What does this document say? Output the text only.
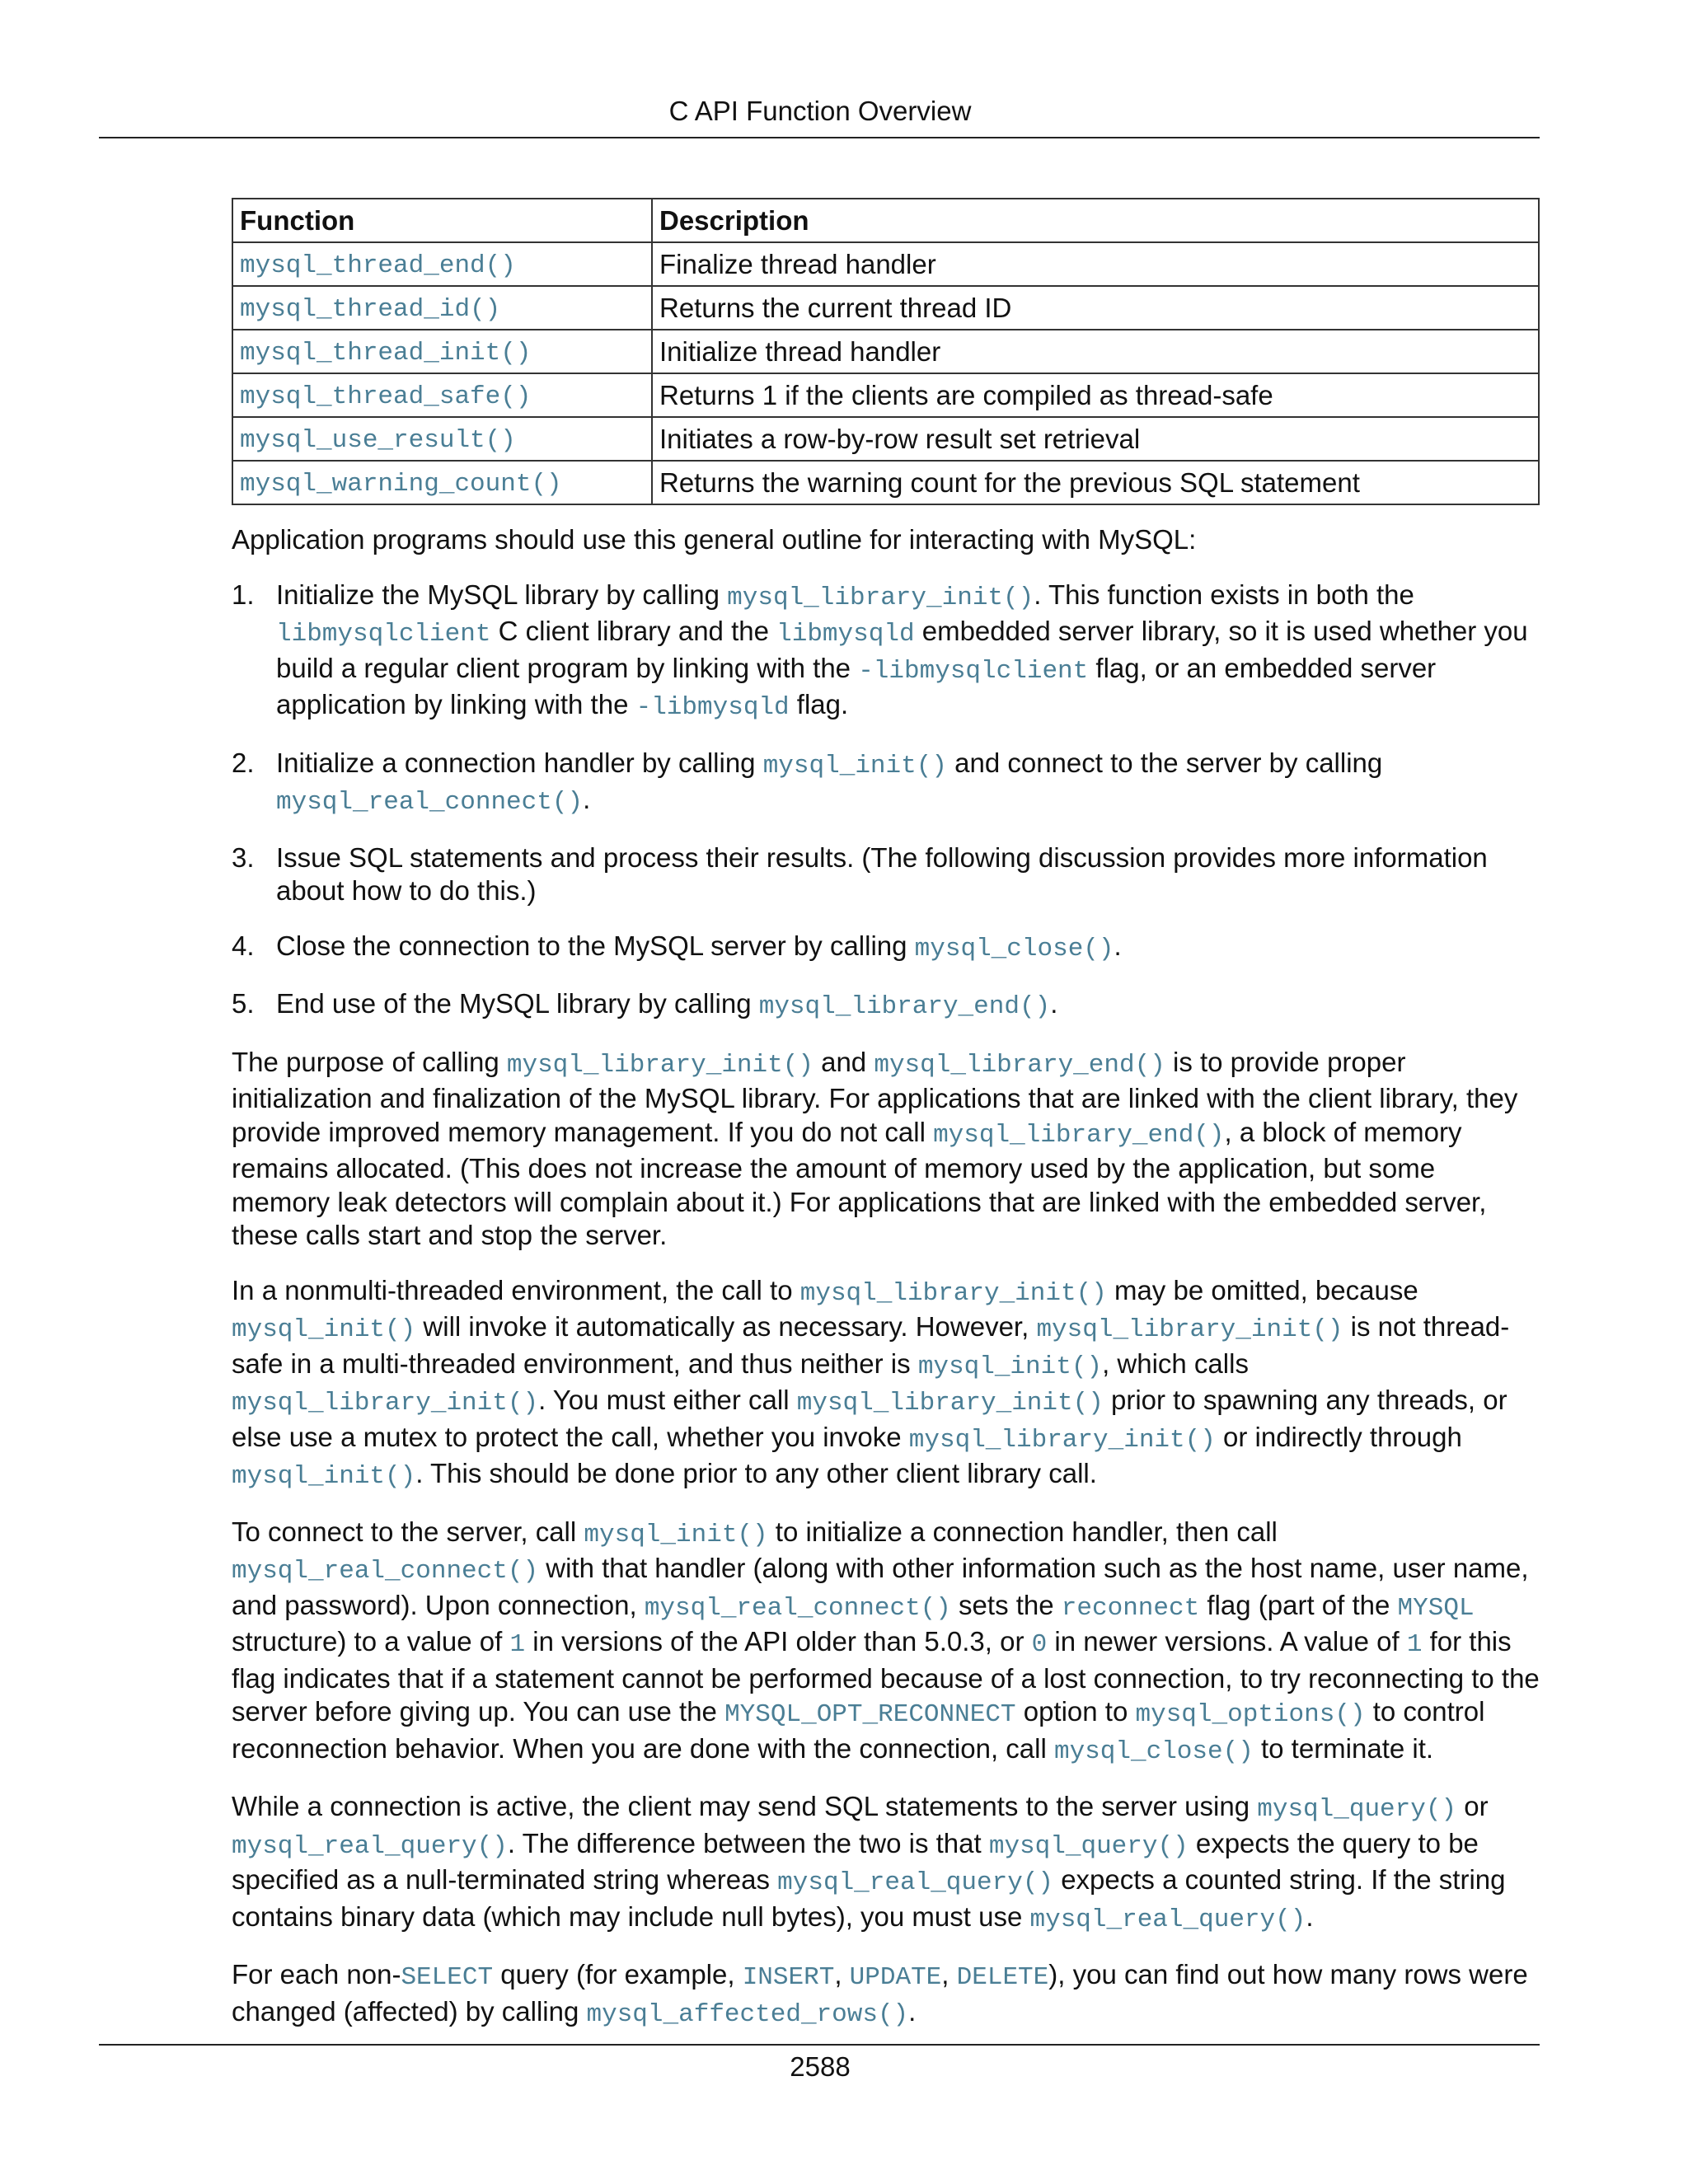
C API Function Overview
Function	Description
mysql_thread_end()	Finalize thread handler
mysql_thread_id()	Returns the current thread ID
mysql_thread_init()	Initialize thread handler
mysql_thread_safe()	Returns 1 if the clients are compiled as thread-safe
mysql_use_result()	Initiates a row-by-row result set retrieval
mysql_warning_count()	Returns the warning count for the previous SQL statement

Application programs should use this general outline for interacting with MySQL:

1. Initialize the MySQL library by calling mysql_library_init(). This function exists in both the libmysqlclient C client library and the libmysqld embedded server library, so it is used whether you build a regular client program by linking with the -libmysqlclient flag, or an embedded server application by linking with the -libmysqld flag.
2. Initialize a connection handler by calling mysql_init() and connect to the server by calling mysql_real_connect().
3. Issue SQL statements and process their results. (The following discussion provides more information about how to do this.)
4. Close the connection to the MySQL server by calling mysql_close().
5. End use of the MySQL library by calling mysql_library_end().

The purpose of calling mysql_library_init() and mysql_library_end() is to provide proper initialization and finalization of the MySQL library. For applications that are linked with the client library, they provide improved memory management. If you do not call mysql_library_end(), a block of memory remains allocated. (This does not increase the amount of memory used by the application, but some memory leak detectors will complain about it.) For applications that are linked with the embedded server, these calls start and stop the server.

In a nonmulti-threaded environment, the call to mysql_library_init() may be omitted, because mysql_init() will invoke it automatically as necessary. However, mysql_library_init() is not thread-safe in a multi-threaded environment, and thus neither is mysql_init(), which calls mysql_library_init(). You must either call mysql_library_init() prior to spawning any threads, or else use a mutex to protect the call, whether you invoke mysql_library_init() or indirectly through mysql_init(). This should be done prior to any other client library call.

To connect to the server, call mysql_init() to initialize a connection handler, then call mysql_real_connect() with that handler (along with other information such as the host name, user name, and password). Upon connection, mysql_real_connect() sets the reconnect flag (part of the MYSQL structure) to a value of 1 in versions of the API older than 5.0.3, or 0 in newer versions. A value of 1 for this flag indicates that if a statement cannot be performed because of a lost connection, to try reconnecting to the server before giving up. You can use the MYSQL_OPT_RECONNECT option to mysql_options() to control reconnection behavior. When you are done with the connection, call mysql_close() to terminate it.

While a connection is active, the client may send SQL statements to the server using mysql_query() or mysql_real_query(). The difference between the two is that mysql_query() expects the query to be specified as a null-terminated string whereas mysql_real_query() expects a counted string. If the string contains binary data (which may include null bytes), you must use mysql_real_query().

For each non-SELECT query (for example, INSERT, UPDATE, DELETE), you can find out how many rows were changed (affected) by calling mysql_affected_rows().

2588
